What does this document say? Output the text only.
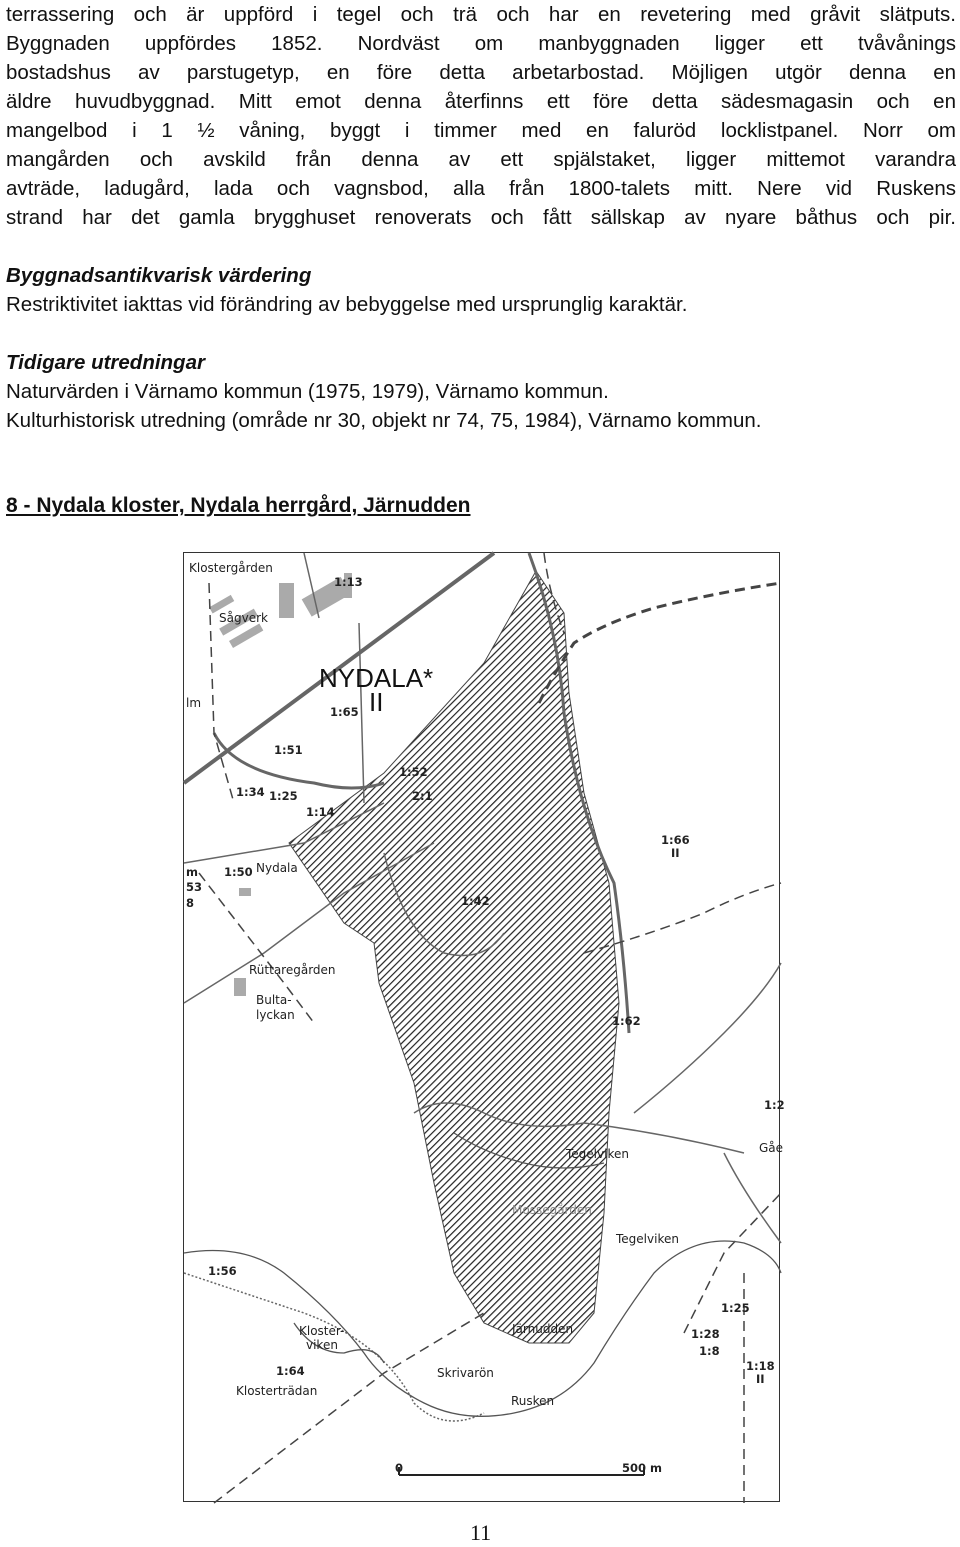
terrassering och är uppförd i tegel och trä och har en revetering med gråvit slätputs.
Byggnaden uppfördes 1852. Nordväst om manbyggnaden ligger ett tvåvånings
bostadshus av parstugetyp, en före detta arbetarbostad. Möjligen utgör denna en
äldre huvudbyggnad. Mitt emot denna återfinns ett före detta sädesmagasin och en
mangelbod i 1 ½ våning, byggt i timmer med en faluröd locklistpanel. Norr om
mangården och avskild från denna av ett spjälstaket, ligger mittemot varandra
avträde, ladugård, lada och vagnsbod, alla från 1800-talets mitt. Nere vid Ruskens
strand har det gamla brygghuset renoverats och fått sällskap av nyare båthus och pir.
Byggnadsantikvarisk värdering
Restriktivitet iakttas vid förändring av bebyggelse med ursprunglig karaktär.
Tidigare utredningar
Naturvärden i Värnamo kommun (1975, 1979), Värnamo kommun.
Kulturhistorisk utredning (område nr 30, objekt nr 74, 75, 1984), Värnamo kommun.
8 - Nydala kloster, Nydala herrgård, Järnudden
Klostergården
1:13
Sågverk
NYDALA*
II
lm
1:65
1:51
1:52
1:34 1:25	2:1
1:14
1:66
II
Nydala
1:50
m
53
8	1:42
Rüttaregården
Bulta-
lyckan	1:62
1:2
Gåe
Tegelviken
Mossegården
Tegelviken
1:56
1:25
1:28
1:8
Järnudden
Kloster-
viken
1:18
II
Skrivarön
1:64
Klosterträdan
Rusken
0	500 m
11
